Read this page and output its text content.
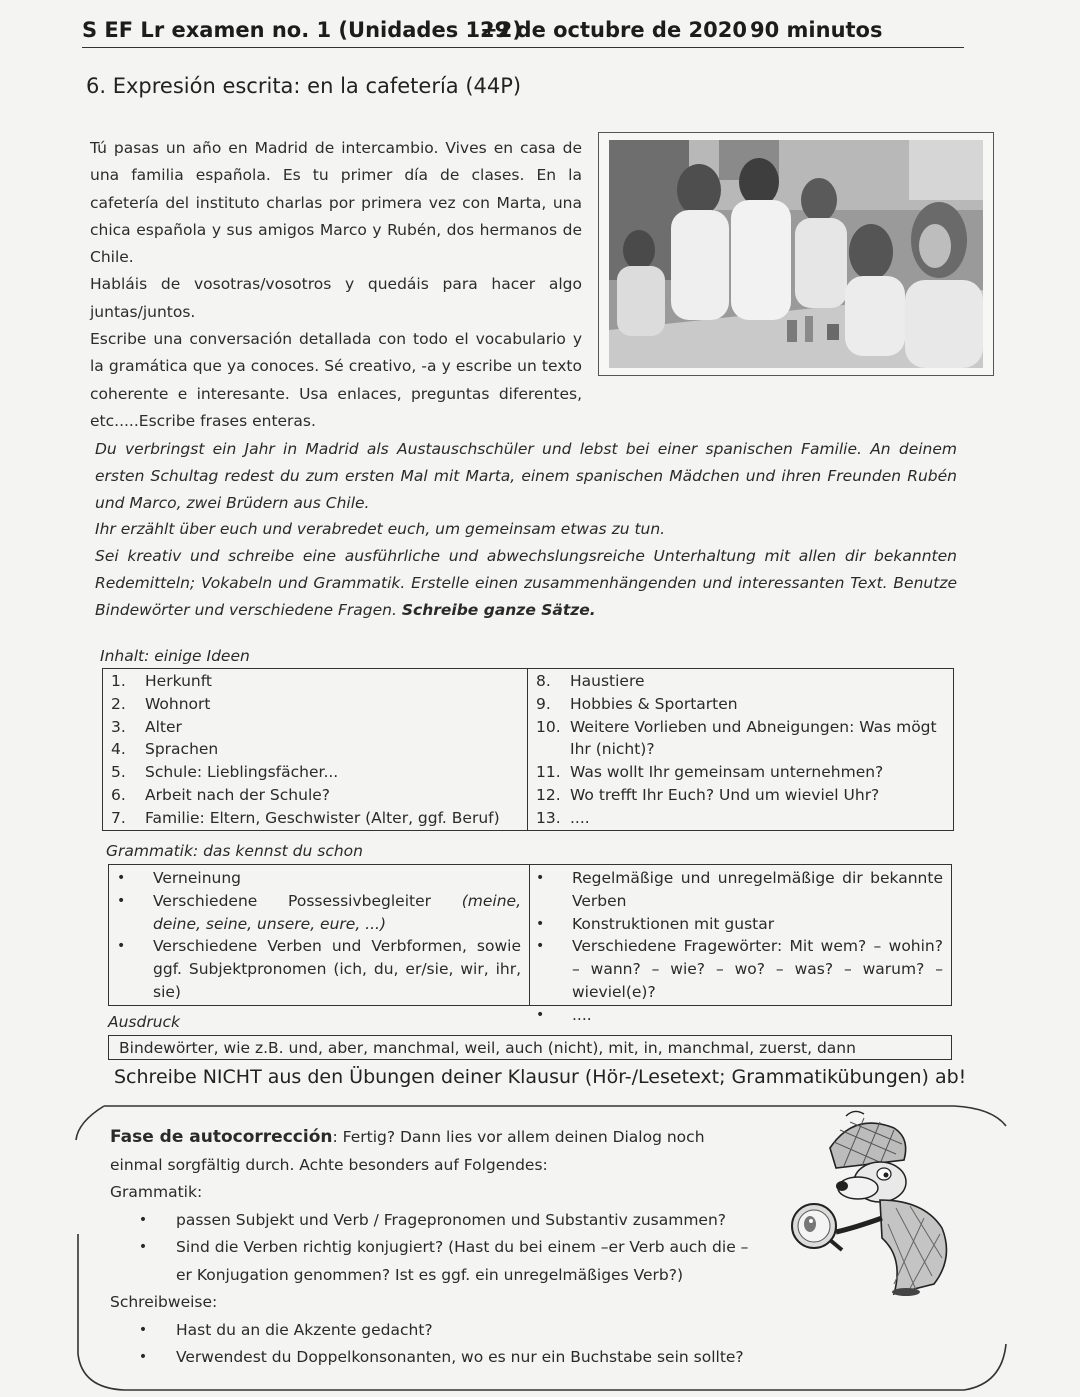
S EF Lr examen no. 1 (Unidades 1+2)
29 de octubre de 2020 90 minutos
6. Expresión escrita: en la cafetería (44P)

Tú pasas un año en Madrid de intercambio. Vives en casa de una familia española. Es tu primer día de clases. En la cafetería del instituto charlas por primera vez con Marta, una chica española y sus amigos Marco y Rubén, dos hermanos de Chile.

Habláis de vosotras/vosotros y quedáis para hacer algo juntas/juntos.

Escribe una conversación detallada con todo el vocabulario y la gramática que ya conoces. Sé creativo, -a y escribe un texto coherente e interesante. Usa enlaces, preguntas diferentes, etc.....Escribe frases enteras.

Du verbringst ein Jahr in Madrid als Austauschschüler und lebst bei einer spanischen Familie. An deinem ersten Schultag redest du zum ersten Mal mit Marta, einem spanischen Mädchen und ihren Freunden Rubén und Marco, zwei Brüdern aus Chile.

Ihr erzählt über euch und verabredet euch, um gemeinsam etwas zu tun.

Sei kreativ und schreibe eine ausführliche und abwechslungsreiche Unterhaltung mit allen dir bekannten Redemitteln; Vokabeln und Grammatik. Erstelle einen zusammenhängenden und interessanten Text. Benutze Bindewörter und verschiedene Fragen. Schreibe ganze Sätze.

Inhalt: einige Ideen
1.	Herkunft
2.	Wohnort
3.	Alter
4.	Sprachen
5.	Schule: Lieblingsfächer...
6.	Arbeit nach der Schule?
7.	Familie: Eltern, Geschwister (Alter, ggf. Beruf)
8.	Haustiere
9.	Hobbies & Sportarten
10. Weitere Vorlieben und Abneigungen: Was mögt Ihr (nicht)?
11. Was wollt Ihr gemeinsam unternehmen?
12. Wo trefft Ihr Euch? Und um wieviel Uhr?
13. ....
Grammatik: das kennst du schon
•	Verneinung
•	Verschiedene Possessivbegleiter (meine, deine, seine, unsere, eure, ...)
•	Verschiedene Verben und Verbformen, sowie ggf. Subjektpronomen (ich, du, er/sie, wir, ihr, sie)
•	Regelmäßige und unregelmäßige dir bekannte Verben
•	Konstruktionen mit gustar
•	Verschiedene Fragewörter: Mit wem? – wohin? – wann? – wie? – wo? – was? – warum? – wieviel(e)?
•	....
Ausdruck
Bindewörter, wie z.B. und, aber, manchmal, weil, auch (nicht), mit, in, manchmal, zuerst, dann
Schreibe NICHT aus den Übungen deiner Klausur (Hör-/Lesetext; Grammatikübungen) ab!
Fase de autocorrección: Fertig? Dann lies vor allem deinen Dialog noch einmal sorgfältig durch. Achte besonders auf Folgendes:
Grammatik:
•	passen Subjekt und Verb / Fragepronomen und Substantiv zusammen?
•	Sind die Verben richtig konjugiert? (Hast du bei einem –er Verb auch die –er Konjugation genommen? Ist es ggf. ein unregelmäßiges Verb?)
Schreibweise:
•	Hast du an die Akzente gedacht?
•	Verwendest du Doppelkonsonanten, wo es nur ein Buchstabe sein sollte?
